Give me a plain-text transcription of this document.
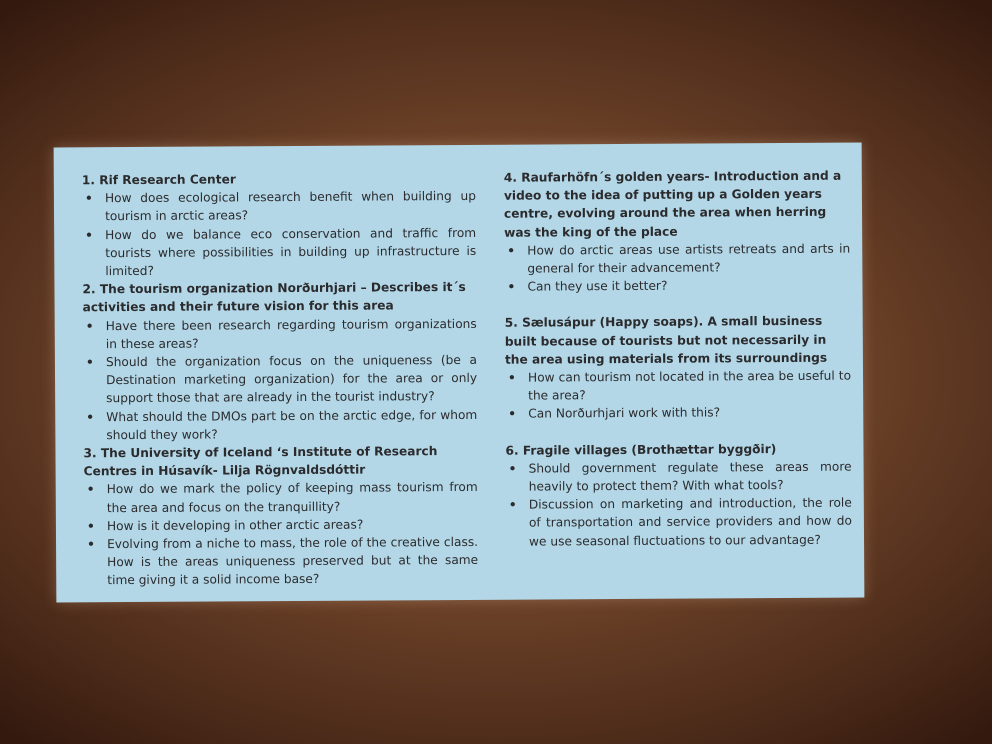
1. Rif Research Center
• How does ecological research benefit when building up tourism in arctic areas?
• How do we balance eco conservation and traffic from tourists where possibilities in building up infrastructure is limited?
2. The tourism organization Norðurhjari – Describes it´s activities and their future vision for this area
• Have there been research regarding tourism organizations in these areas?
• Should the organization focus on the uniqueness (be a Destination marketing organization) for the area or only support those that are already in the tourist industry?
• What should the DMOs part be on the arctic edge, for whom should they work?
3. The University of Iceland ‘s Institute of Research Centres in Húsavík- Lilja Rögnvaldsdóttir
• How do we mark the policy of keeping mass tourism from the area and focus on the tranquillity?
• How is it developing in other arctic areas?
• Evolving from a niche to mass, the role of the creative class. How is the areas uniqueness preserved but at the same time giving it a solid income base?
4. Raufarhöfn´s golden years- Introduction and a video to the idea of putting up a Golden years centre, evolving around the area when herring was the king of the place
• How do arctic areas use artists retreats and arts in general for their advancement?
• Can they use it better?
5. Sælusápur (Happy soaps). A small business built because of tourists but not necessarily in the area using materials from its surroundings
• How can tourism not located in the area be useful to the area?
• Can Norðurhjari work with this?
6. Fragile villages (Brothættar byggðir)
• Should government regulate these areas more heavily to protect them? With what tools?
• Discussion on marketing and introduction, the role of transportation and service providers and how do we use seasonal fluctuations to our advantage?
